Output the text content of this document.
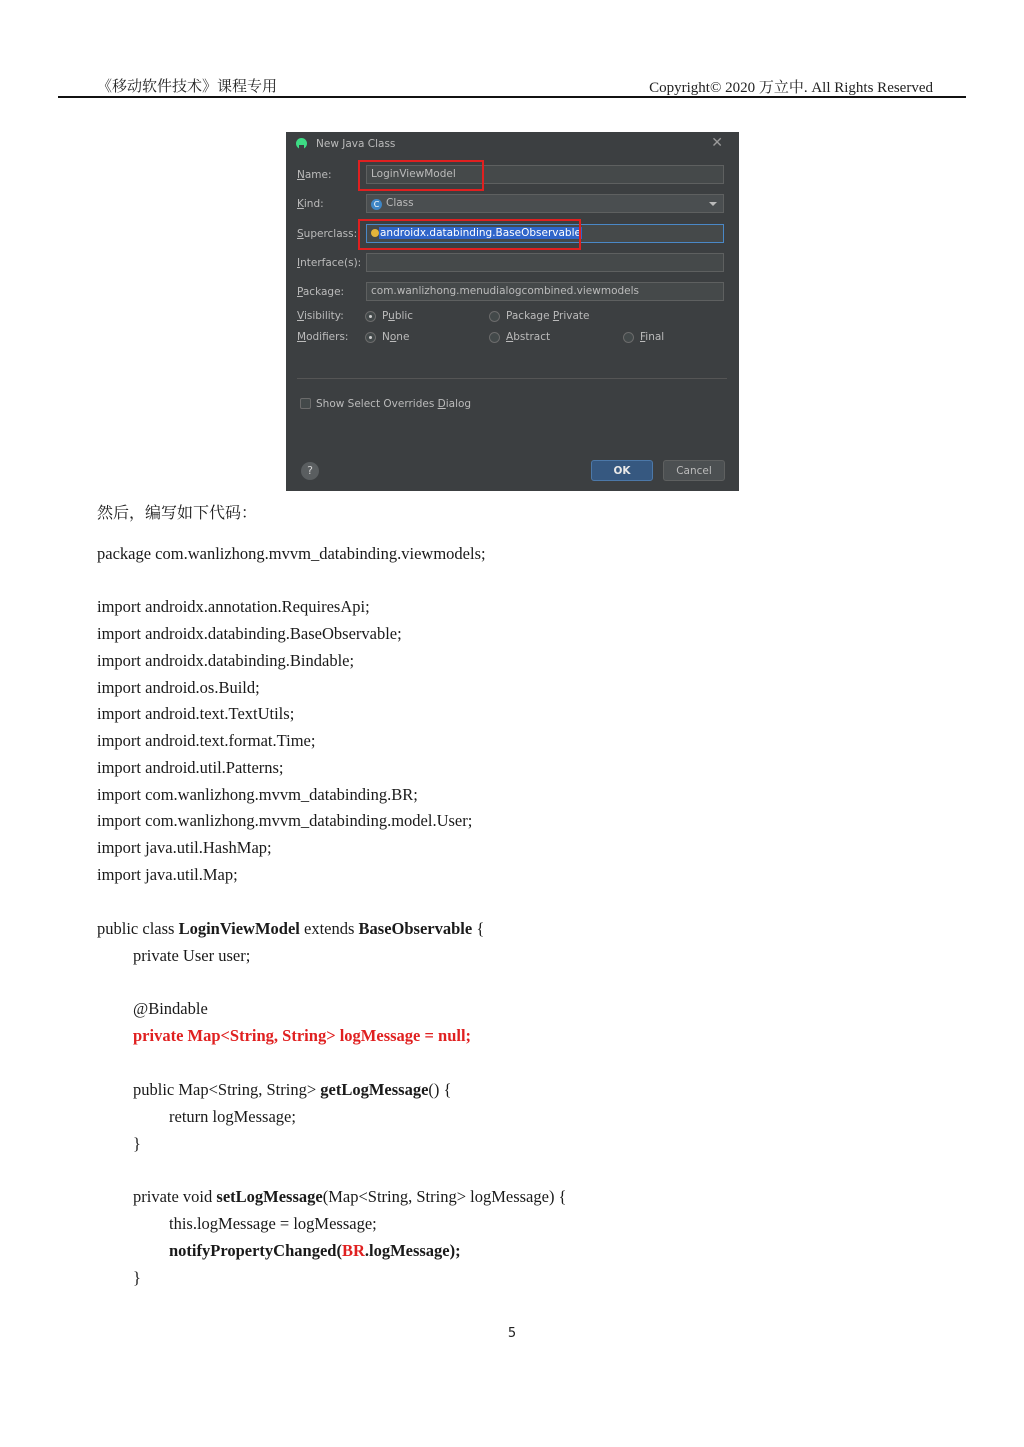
《移动软件技术》课程专用	Copyright© 2020 万立中. All Rights Reserved
New Java Class	✕
Name:	LoginViewModel
Kind:	C Class
Superclass:	androidx.databinding.BaseObservable
Interface(s):
Package:	com.wanlizhong.menudialogcombined.viewmodels
Visibility:	Public	Package Private
Modifiers:	None	Abstract	Final
Show Select Overrides Dialog
?	OK	Cancel
然后，编写如下代码：
package com.wanlizhong.mvvm_databinding.viewmodels;
import androidx.annotation.RequiresApi;
import androidx.databinding.BaseObservable;
import androidx.databinding.Bindable;
import android.os.Build;
import android.text.TextUtils;
import android.text.format.Time;
import android.util.Patterns;
import com.wanlizhong.mvvm_databinding.BR;
import com.wanlizhong.mvvm_databinding.model.User;
import java.util.HashMap;
import java.util.Map;
public class LoginViewModel extends BaseObservable {
private User user;
@Bindable
private Map<String, String> logMessage = null;
public Map<String, String> getLogMessage() {
return logMessage;
}
private void setLogMessage(Map<String, String> logMessage) {
this.logMessage = logMessage;
notifyPropertyChanged(BR.logMessage);
}
5
